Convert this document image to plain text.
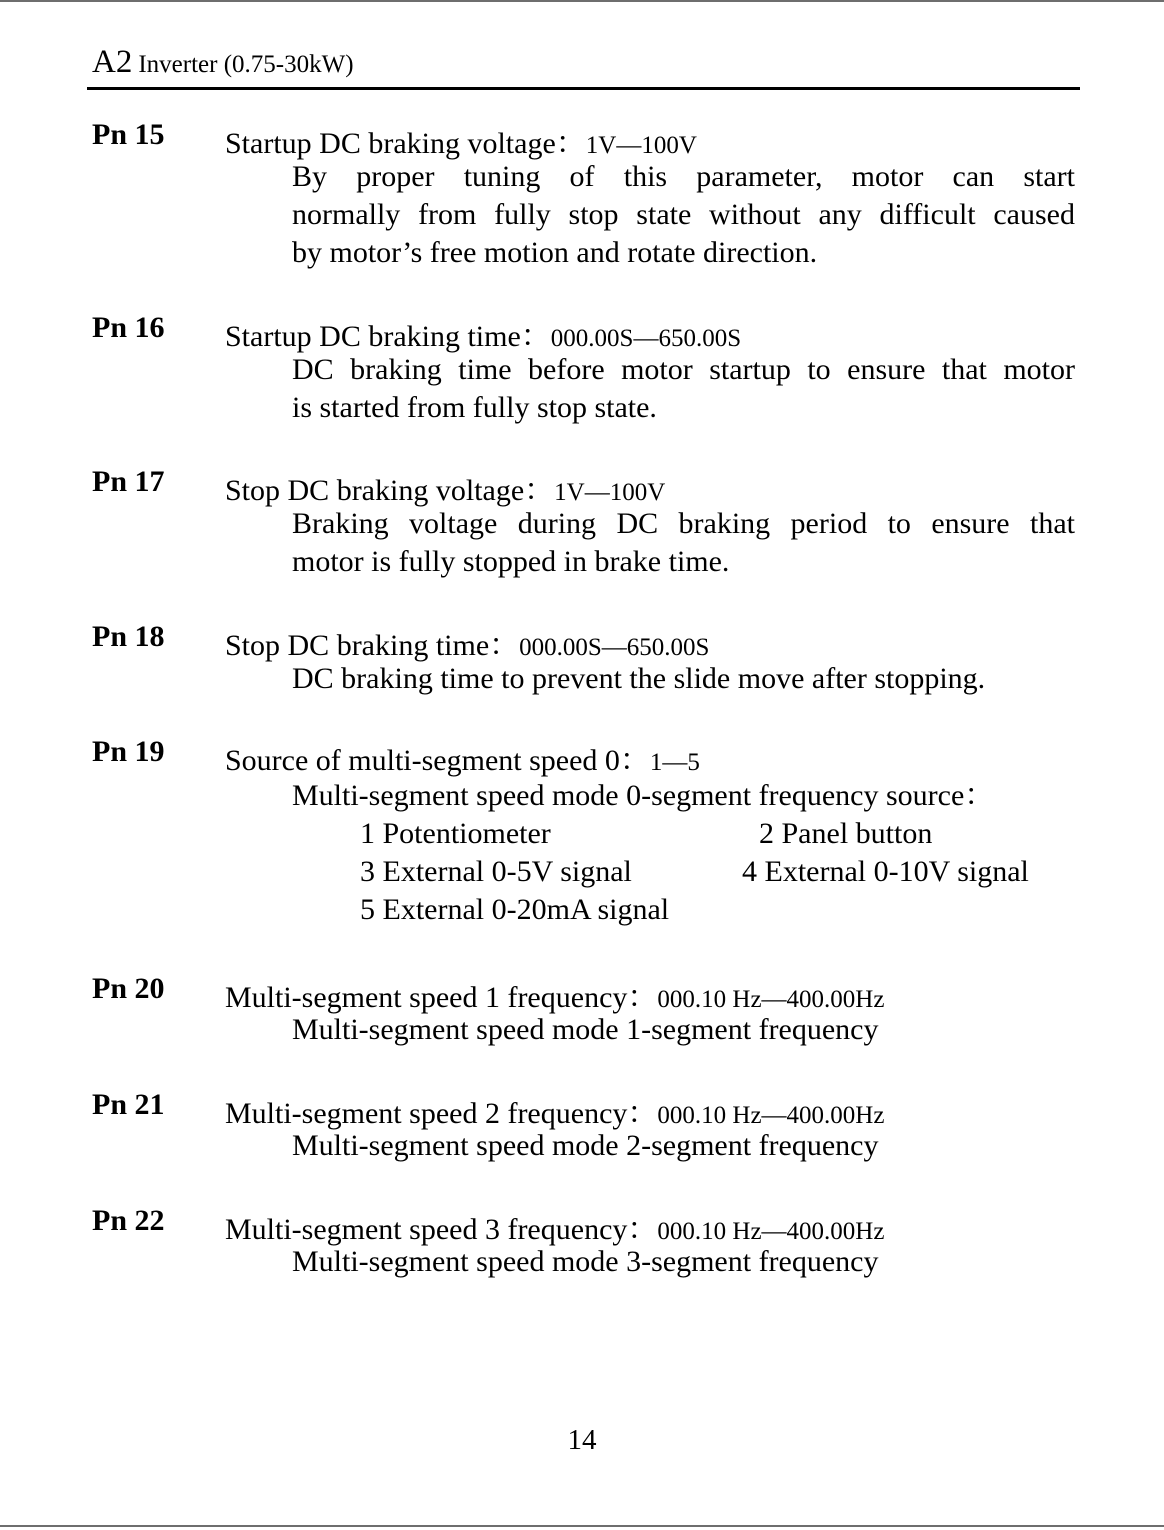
A2 Inverter (0.75-30kW)
Pn 15 Startup DC braking voltage：1V—100V
By proper tuning of this parameter, motor can start
normally from fully stop state without any difficult caused
by motor’s free motion and rotate direction.
Pn 16 Startup DC braking time：000.00S—650.00S
DC braking time before motor startup to ensure that motor
is started from fully stop state.
Pn 17 Stop DC braking voltage：1V—100V
Braking voltage during DC braking period to ensure that
motor is fully stopped in brake time.
Pn 18 Stop DC braking time：000.00S—650.00S
DC braking time to prevent the slide move after stopping.
Pn 19 Source of multi-segment speed 0：1—5
Multi-segment speed mode 0-segment frequency source：
1 Potentiometer	2 Panel button
3 External 0-5V signal	4 External 0-10V signal
5 External 0-20mA signal
Pn 20 Multi-segment speed 1 frequency：000.10 Hz—400.00Hz
Multi-segment speed mode 1-segment frequency
Pn 21 Multi-segment speed 2 frequency：000.10 Hz—400.00Hz
Multi-segment speed mode 2-segment frequency
Pn 22 Multi-segment speed 3 frequency：000.10 Hz—400.00Hz
Multi-segment speed mode 3-segment frequency
14
